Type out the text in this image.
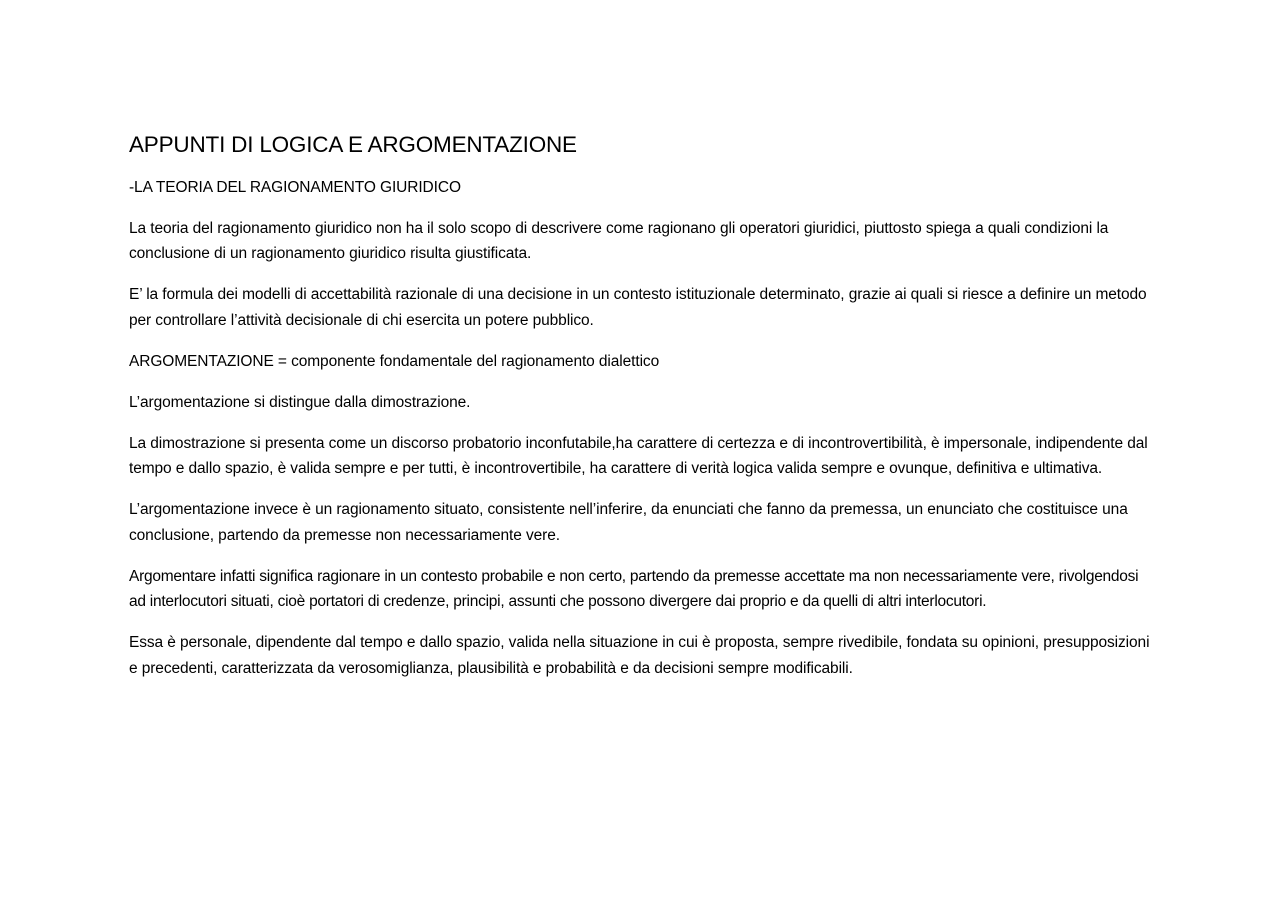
APPUNTI DI LOGICA E ARGOMENTAZIONE

-LA TEORIA DEL RAGIONAMENTO GIURIDICO

La teoria del ragionamento giuridico non ha il solo scopo di descrivere come ragionano gli operatori giuridici, piuttosto spiega a quali condizioni la conclusione di un ragionamento giuridico risulta giustificata.

E’ la formula dei modelli di accettabilità razionale di una decisione in un contesto istituzionale determinato, grazie ai quali si riesce a definire un metodo per controllare l’attività decisionale di chi esercita un potere pubblico.

ARGOMENTAZIONE = componente fondamentale del ragionamento dialettico

L’argomentazione si distingue dalla dimostrazione.

La dimostrazione si presenta come un discorso probatorio inconfutabile,ha carattere di certezza e di incontrovertibilità, è impersonale, indipendente dal tempo e dallo spazio, è valida sempre e per tutti, è incontrovertibile, ha carattere di verità logica valida sempre e ovunque, definitiva e ultimativa.

L’argomentazione invece è un ragionamento situato, consistente nell’inferire, da enunciati che fanno da premessa, un enunciato che costituisce una conclusione, partendo da premesse non necessariamente vere.

Argomentare infatti significa ragionare in un contesto probabile e non certo, partendo da premesse accettate ma non necessariamente vere, rivolgendosi ad interlocutori situati, cioè portatori di credenze, principi, assunti che possono divergere dai proprio e da quelli di altri interlocutori.

Essa è personale, dipendente dal tempo e dallo spazio, valida nella situazione in cui è proposta, sempre rivedibile, fondata su opinioni, presupposizioni e precedenti, caratterizzata da verosomiglianza, plausibilità e probabilità e da decisioni sempre modificabili.
